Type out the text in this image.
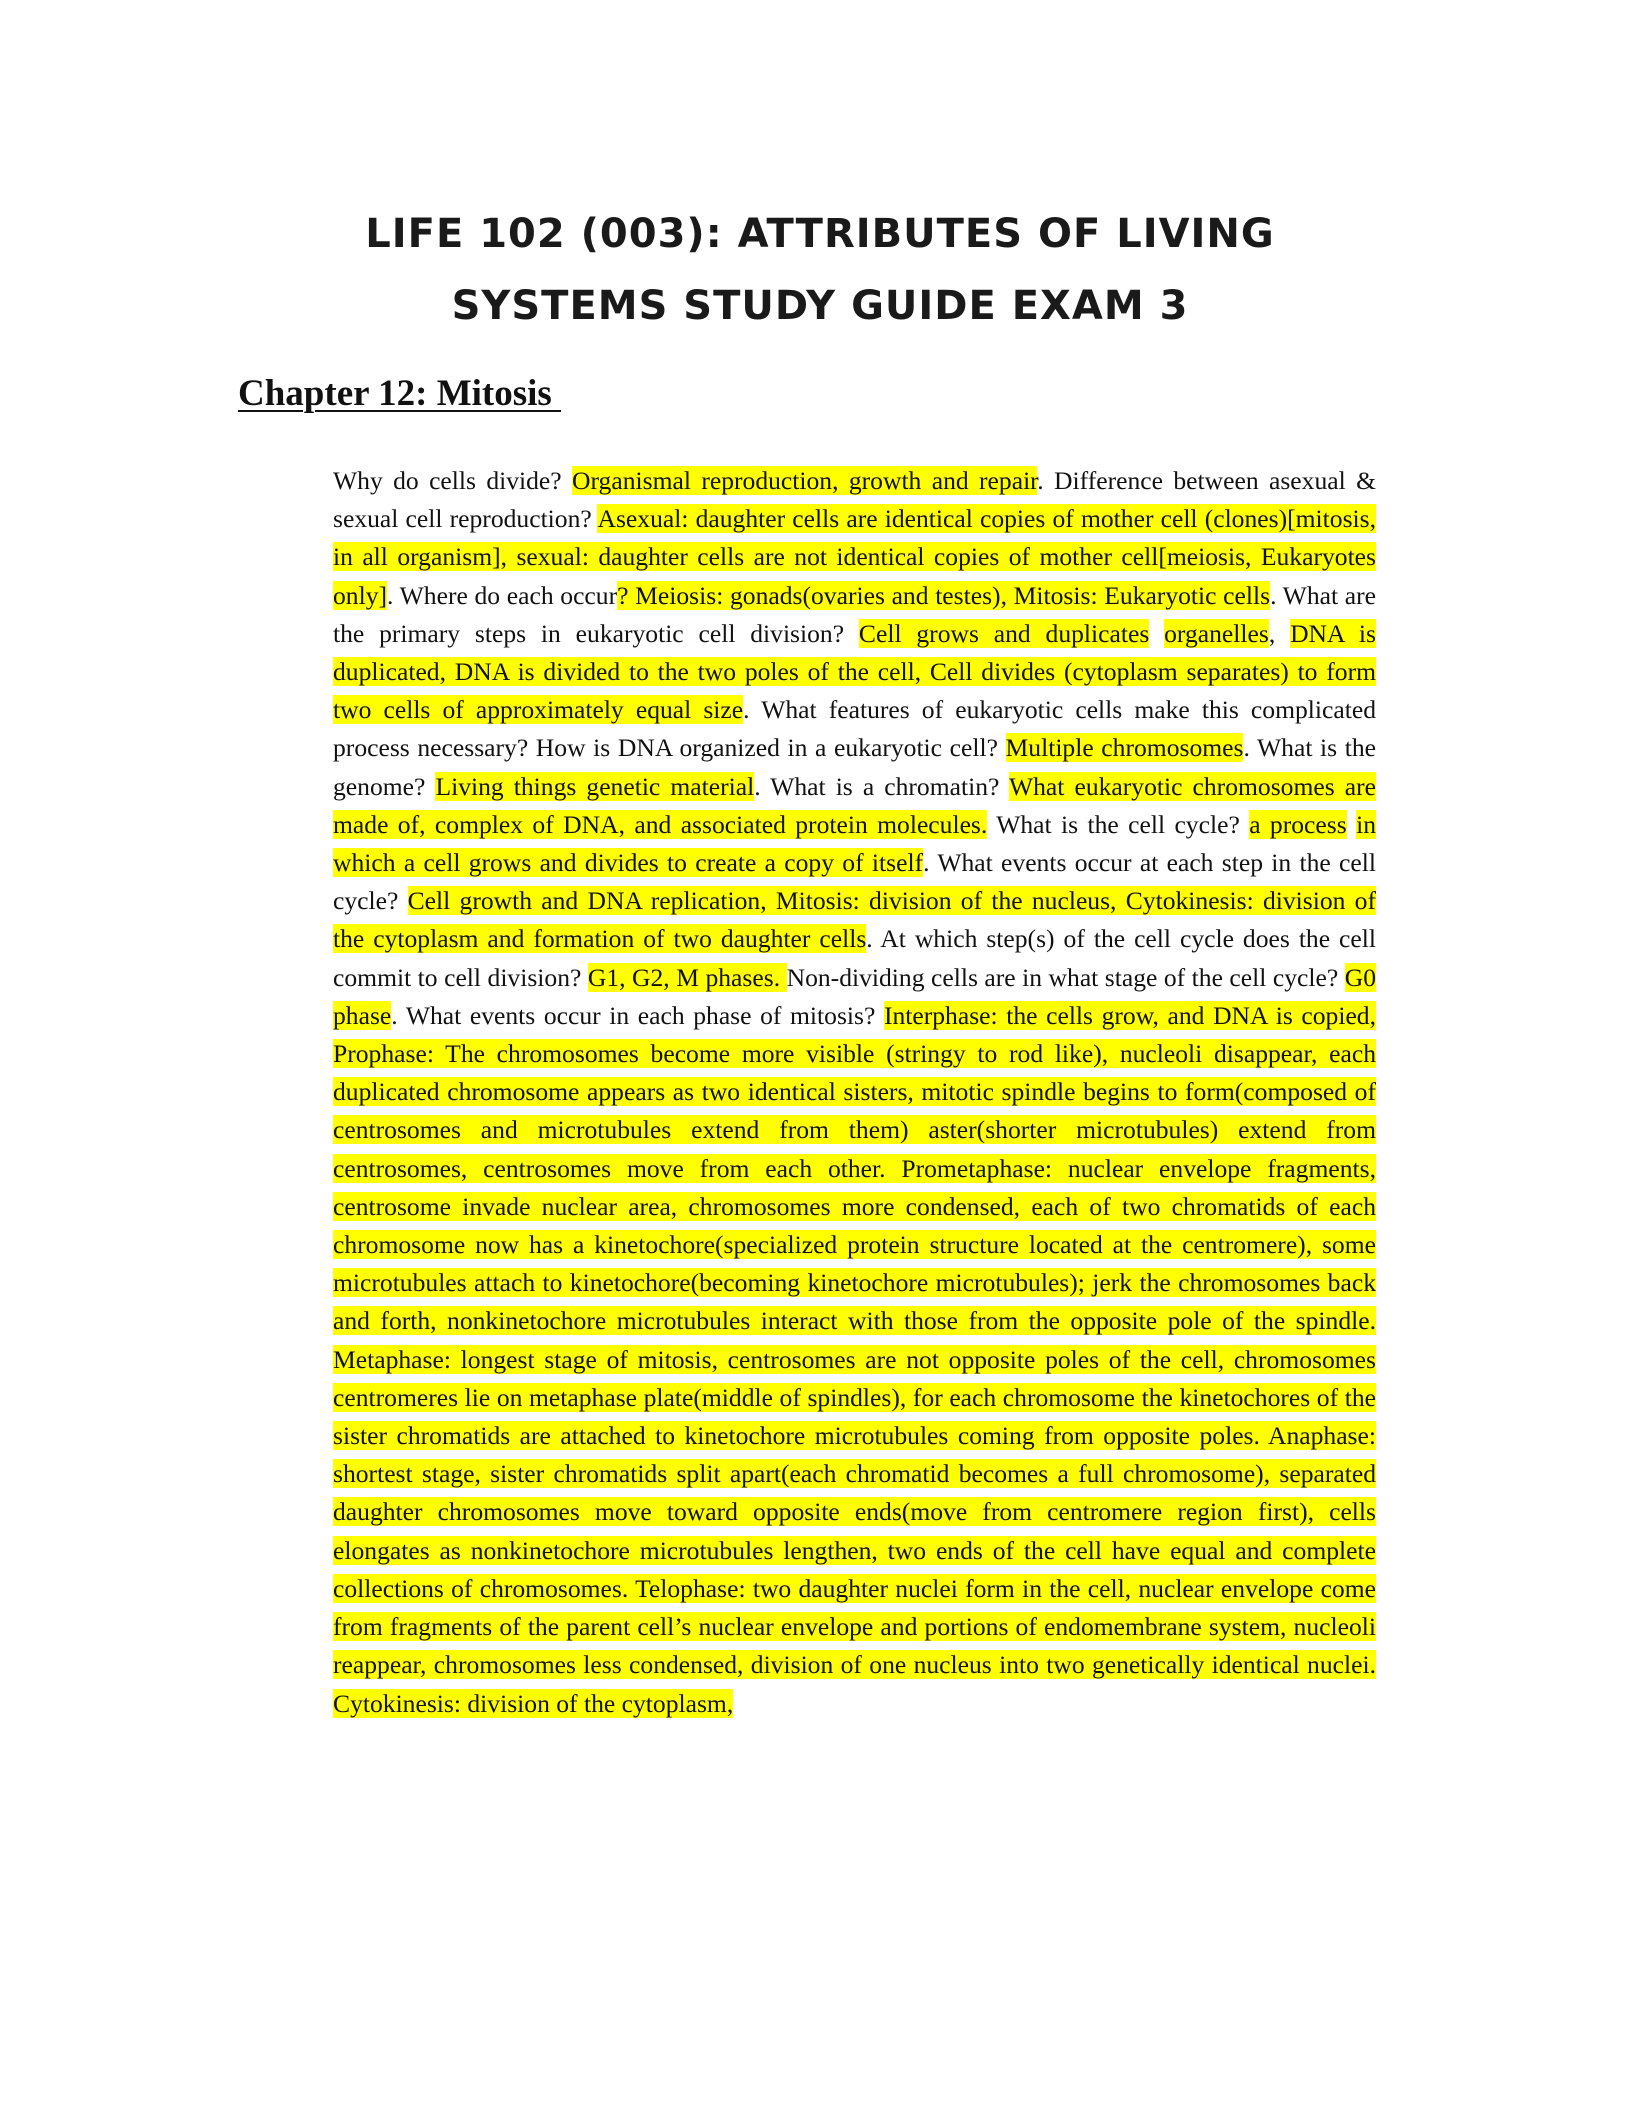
LIFE 102 (003): ATTRIBUTES OF LIVING
SYSTEMS STUDY GUIDE EXAM 3
Chapter 12: Mitosis

Why do cells divide? Organismal reproduction, growth and repair. Difference between asexual & sexual cell reproduction? Asexual: daughter cells are identical copies of mother cell (clones)[mitosis, in all organism], sexual: daughter cells are not identical copies of mother cell[meiosis, Eukaryotes only]. Where do each occur? Meiosis: gonads(ovaries and testes), Mitosis: Eukaryotic cells. What are the primary steps in eukaryotic cell division? Cell grows and duplicates organelles, DNA is duplicated, DNA is divided to the two poles of the cell, Cell divides (cytoplasm separates) to form two cells of approximately equal size. What features of eukaryotic cells make this complicated process necessary? How is DNA organized in a eukaryotic cell? Multiple chromosomes. What is the genome? Living things genetic material. What is a chromatin? What eukaryotic chromosomes are made of, complex of DNA, and associated protein molecules. What is the cell cycle? a process in which a cell grows and divides to create a copy of itself. What events occur at each step in the cell cycle? Cell growth and DNA replication, Mitosis: division of the nucleus, Cytokinesis: division of the cytoplasm and formation of two daughter cells. At which step(s) of the cell cycle does the cell commit to cell division? G1, G2, M phases. Non-dividing cells are in what stage of the cell cycle? G0 phase. What events occur in each phase of mitosis? Interphase: the cells grow, and DNA is copied, Prophase: The chromosomes become more visible (stringy to rod like), nucleoli disappear, each duplicated chromosome appears as two identical sisters, mitotic spindle begins to form(composed of centrosomes and microtubules extend from them) aster(shorter microtubules) extend from centrosomes, centrosomes move from each other. Prometaphase: nuclear envelope fragments, centrosome invade nuclear area, chromosomes more condensed, each of two chromatids of each chromosome now has a kinetochore(specialized protein structure located at the centromere), some microtubules attach to kinetochore(becoming kinetochore microtubules); jerk the chromosomes back and forth, nonkinetochore microtubules interact with those from the opposite pole of the spindle. Metaphase: longest stage of mitosis, centrosomes are not opposite poles of the cell, chromosomes centromeres lie on metaphase plate(middle of spindles), for each chromosome the kinetochores of the sister chromatids are attached to kinetochore microtubules coming from opposite poles. Anaphase: shortest stage, sister chromatids split apart(each chromatid becomes a full chromosome), separated daughter chromosomes move toward opposite ends(move from centromere region first), cells elongates as nonkinetochore microtubules lengthen, two ends of the cell have equal and complete collections of chromosomes. Telophase: two daughter nuclei form in the cell, nuclear envelope come from fragments of the parent cell’s nuclear envelope and portions of endomembrane system, nucleoli reappear, chromosomes less condensed, division of one nucleus into two genetically identical nuclei. Cytokinesis: division of the cytoplasm,
